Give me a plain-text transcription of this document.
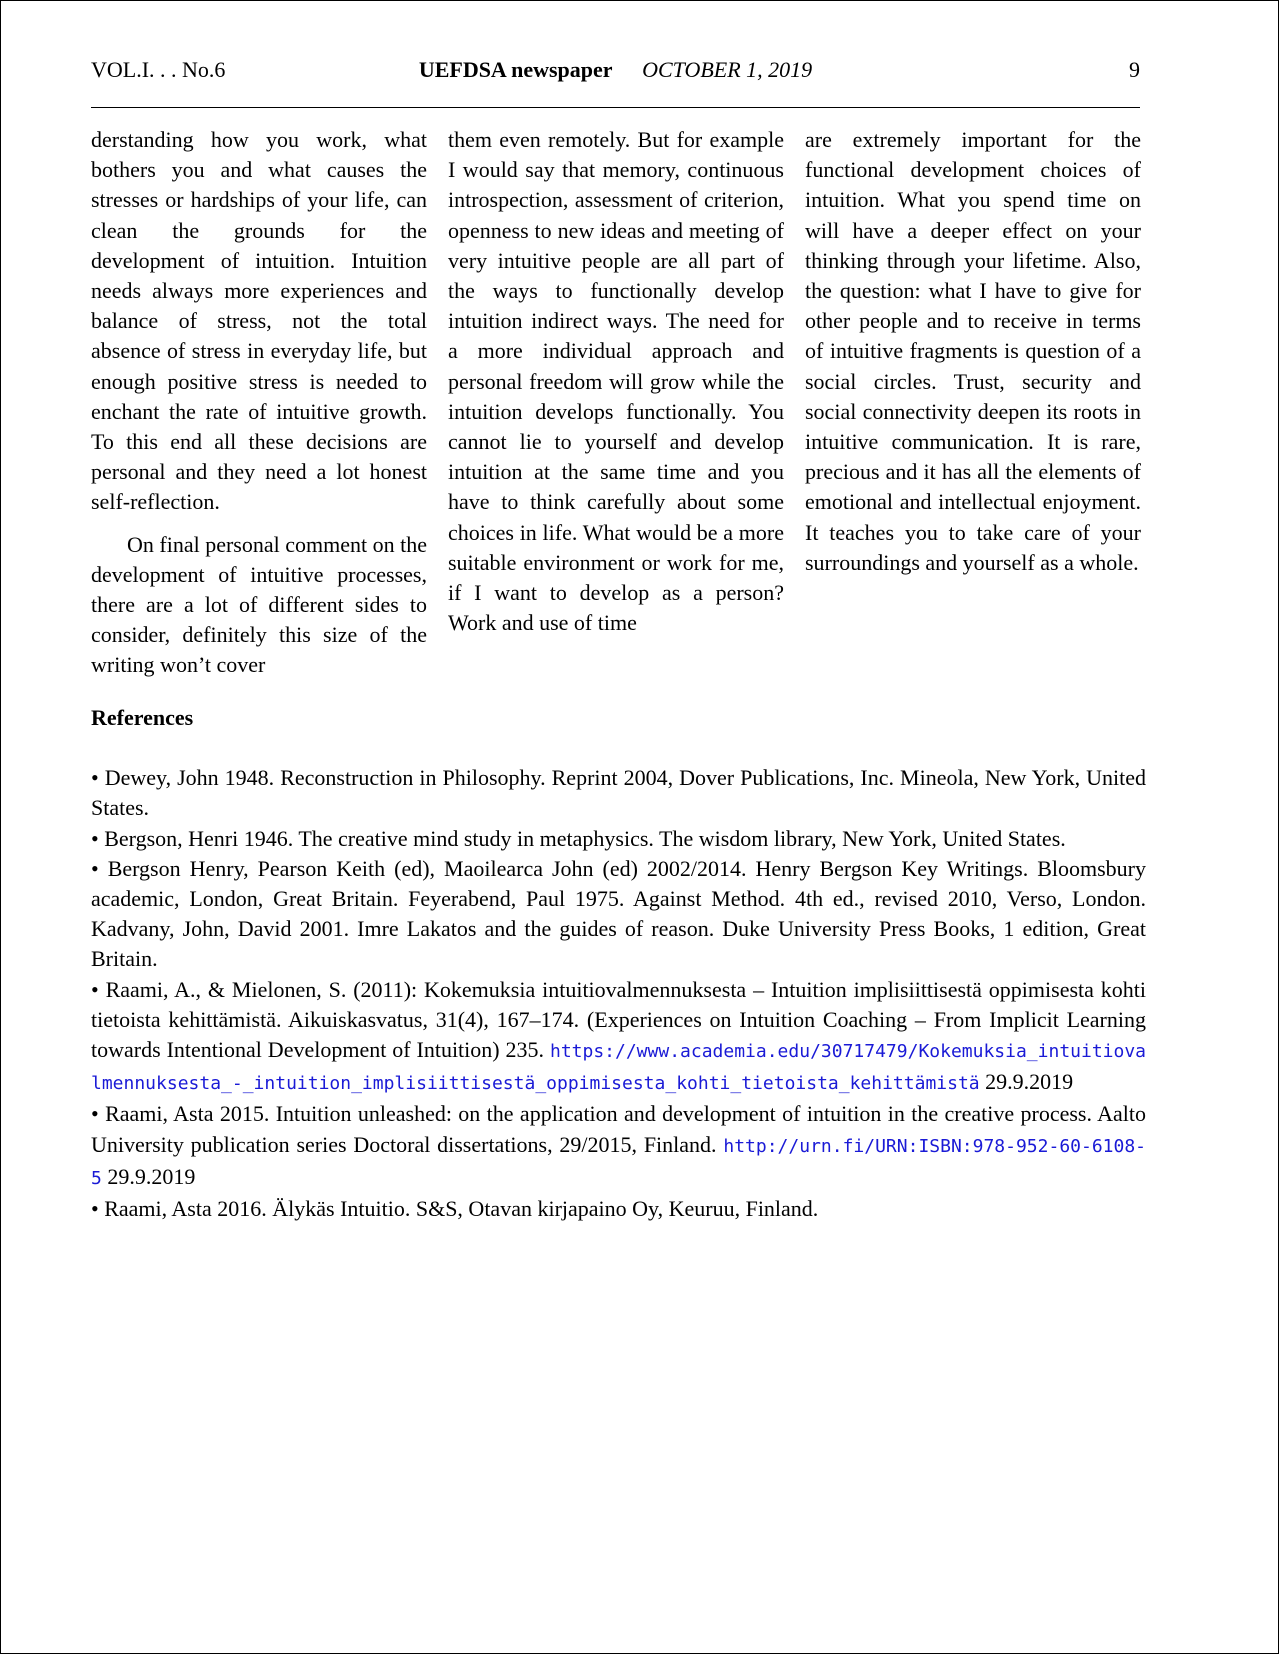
VOL.I. . . No.6	UEFDSA newspaper OCTOBER 1, 2019	9

derstanding how you work, what bothers you and what causes the stresses or hardships of your life, can clean the grounds for the development of intuition. Intuition needs always more experiences and balance of stress, not the total absence of stress in everyday life, but enough positive stress is needed to enchant the rate of intuitive growth. To this end all these decisions are personal and they need a lot honest self-reflection.

On final personal comment on the development of intuitive processes, there are a lot of different sides to consider, definitely this size of the writing won’t cover

them even remotely. But for example I would say that memory, continuous introspection, assessment of criterion, openness to new ideas and meeting of very intuitive people are all part of the ways to functionally develop intuition indirect ways. The need for a more individual approach and personal freedom will grow while the intuition develops functionally. You cannot lie to yourself and develop intuition at the same time and you have to think carefully about some choices in life. What would be a more suitable environment or work for me, if I want to develop as a person? Work and use of time

are extremely important for the functional development choices of intuition. What you spend time on will have a deeper effect on your thinking through your lifetime. Also, the question: what I have to give for other people and to receive in terms of intuitive fragments is question of a social circles. Trust, security and social connectivity deepen its roots in intuitive communication. It is rare, precious and it has all the elements of emotional and intellectual enjoyment. It teaches you to take care of your surroundings and yourself as a whole.

References

• Dewey, John 1948. Reconstruction in Philosophy. Reprint 2004, Dover Publications, Inc. Mineola, New York, United States.

• Bergson, Henri 1946. The creative mind study in metaphysics. The wisdom library, New York, United States.

• Bergson Henry, Pearson Keith (ed), Maoilearca John (ed) 2002/2014. Henry Bergson Key Writings. Bloomsbury academic, London, Great Britain. Feyerabend, Paul 1975. Against Method. 4th ed., revised 2010, Verso, London. Kadvany, John, David 2001. Imre Lakatos and the guides of reason. Duke University Press Books, 1 edition, Great Britain.

• Raami, A., & Mielonen, S. (2011): Kokemuksia intuitiovalmennuksesta – Intuition implisiittisestä oppimisesta kohti tietoista kehittämistä. Aikuiskasvatus, 31(4), 167–174. (Experiences on Intuition Coaching – From Implicit Learning towards Intentional Development of Intuition) 235. https://www.academia.edu/30717479/Kokemuksia_intuitiovalmennuksesta_-_intuition_implisiittisestä_oppimisesta_kohti_tietoista_kehittämistä 29.9.2019

• Raami, Asta 2015. Intuition unleashed: on the application and development of intuition in the creative process. Aalto University publication series Doctoral dissertations, 29/2015, Finland. http://urn.fi/URN:ISBN:978-952-60-6108-5 29.9.2019

• Raami, Asta 2016. Älykäs Intuitio. S&S, Otavan kirjapaino Oy, Keuruu, Finland.
